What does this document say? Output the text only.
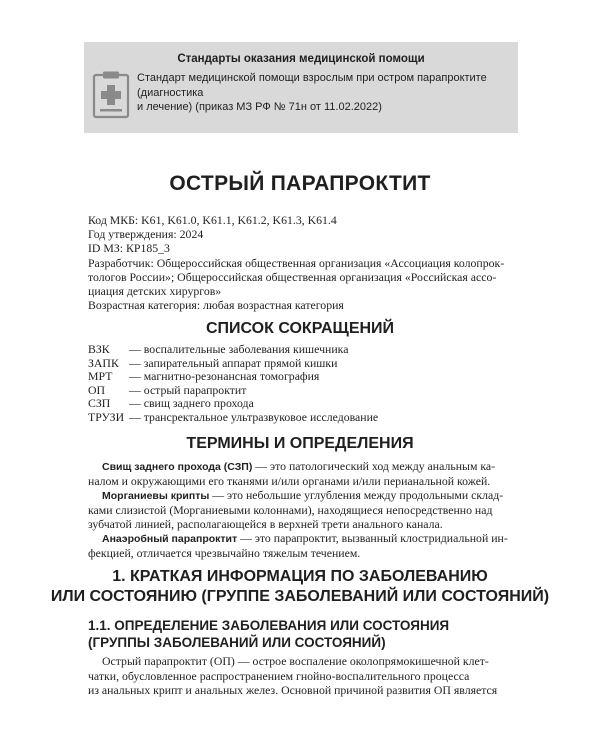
Стандарты оказания медицинской помощи
Стандарт медицинской помощи взрослым при остром парапроктите (диагностика
и лечение) (приказ МЗ РФ № 71н от 11.02.2022)
ОСТРЫЙ ПАРАПРОКТИТ
Код МКБ: K61, K61.0, K61.1, K61.2, K61.3, K61.4
Год утверждения: 2024
ID МЗ: КР185_3
Разработчик: Общероссийская общественная организация «Ассоциация колопрок-
тологов России»; Общероссийская общественная организация «Российская ассо-
циация детских хирургов»
Возрастная категория: любая возрастная категория
СПИСОК СОКРАЩЕНИЙ
ВЗК — воспалительные заболевания кишечника
ЗАПК — запирательный аппарат прямой кишки
МРТ — магнитно-резонансная томография
ОП — острый парапроктит
СЗП — свищ заднего прохода
ТРУЗИ — трансректальное ультразвуковое исследование
ТЕРМИНЫ И ОПРЕДЕЛЕНИЯ
Свищ заднего прохода (СЗП) — это патологический ход между анальным ка-
налом и окружающими его тканями и/или органами и/или перианальной кожей.
Морганиевы крипты — это небольшие углубления между продольными склад-
ками слизистой (Морганиевыми колоннами), находящиеся непосредственно над
зубчатой линией, располагающейся в верхней трети анального канала.
Анаэробный парапроктит — это парапроктит, вызванный клостридиальной ин-
фекцией, отличается чрезвычайно тяжелым течением.
1. КРАТКАЯ ИНФОРМАЦИЯ ПО ЗАБОЛЕВАНИЮ
ИЛИ СОСТОЯНИЮ (ГРУППЕ ЗАБОЛЕВАНИЙ ИЛИ СОСТОЯНИЙ)
1.1. ОПРЕДЕЛЕНИЕ ЗАБОЛЕВАНИЯ ИЛИ СОСТОЯНИЯ
(ГРУППЫ ЗАБОЛЕВАНИЙ ИЛИ СОСТОЯНИЙ)
Острый парапроктит (ОП) — острое воспаление околопрямокишечной клет-
чатки, обусловленное распространением гнойно-воспалительного процесса
из анальных крипт и анальных желез. Основной причиной развития ОП является
